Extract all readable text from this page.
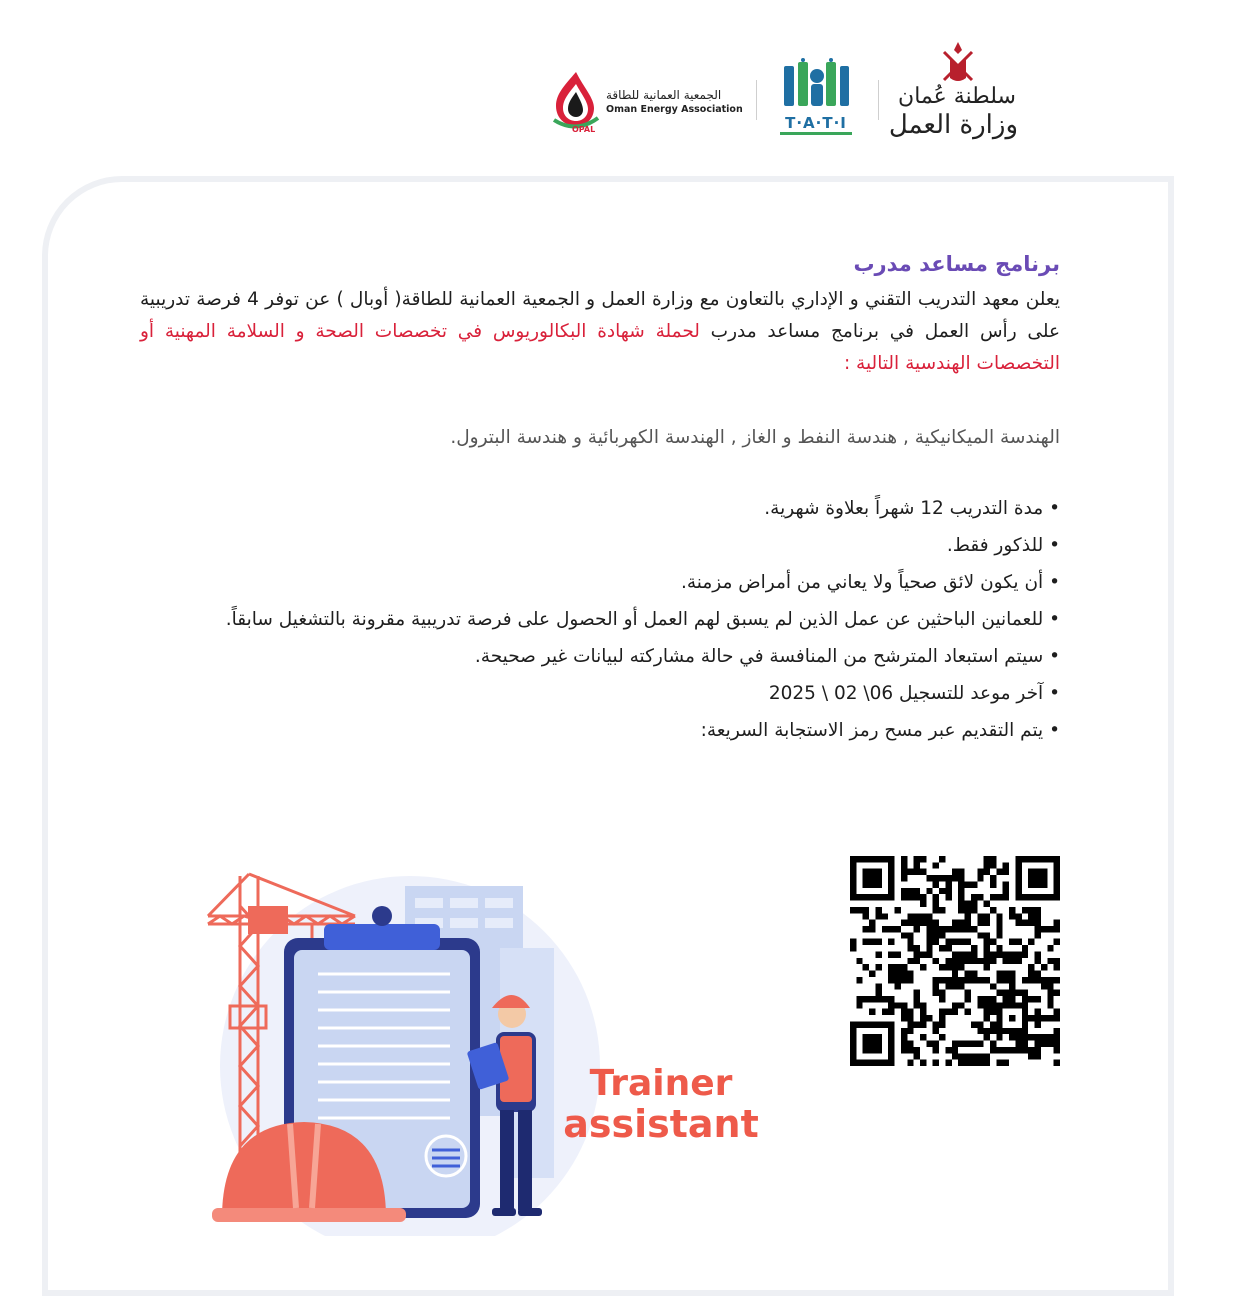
OPAL
الجمعية العمانية للطاقة
Oman Energy Association
T·A·T·I
سلطنة عُمان
وزارة العمل
برنامج مساعد مدرب

يعلن معهد التدريب التقني و الإداري بالتعاون مع وزارة العمل و الجمعية العمانية للطاقة( أوبال ) عن توفر 4 فرصة تدريبية على رأس العمل في برنامج مساعد مدرب لحملة شهادة البكالوريوس في تخصصات الصحة و السلامة المهنية أو التخصصات الهندسية التالية :

الهندسة الميكانيكية , هندسة النفط و الغاز , الهندسة الكهربائية و هندسة البترول.
• مدة التدريب 12 شهراً بعلاوة شهرية.
• للذكور فقط.
• أن يكون لائق صحياً ولا يعاني من أمراض مزمنة.
• للعمانين الباحثين عن عمل الذين لم يسبق لهم العمل أو الحصول على فرصة تدريبية مقرونة بالتشغيل سابقاً.
• سيتم استبعاد المترشح من المنافسة في حالة مشاركته لبيانات غير صحيحة.
• آخر موعد للتسجيل 06\ 02 \ 2025
• يتم التقديم عبر مسح رمز الاستجابة السريعة:
Trainer
assistant
